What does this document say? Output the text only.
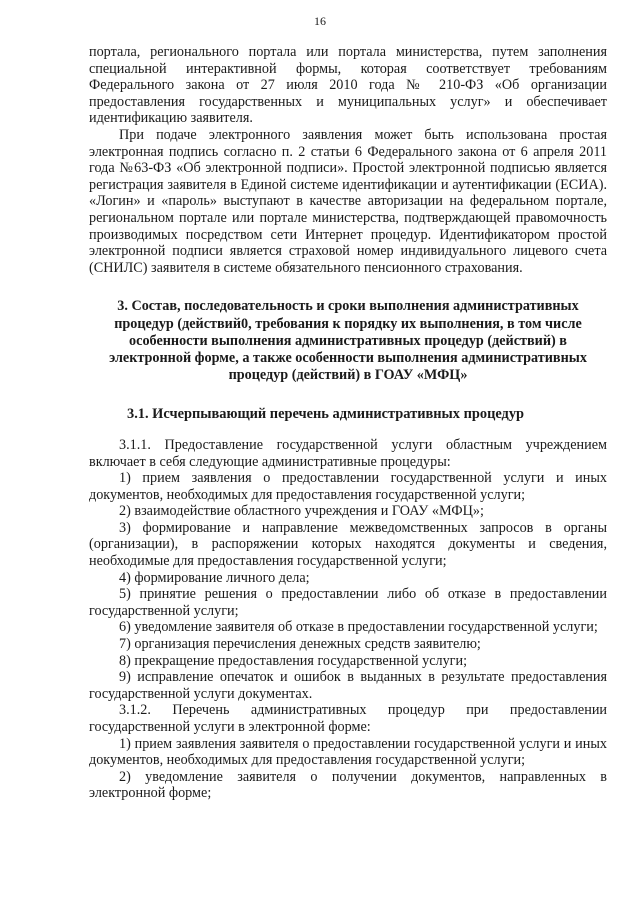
16

портала, регионального портала или портала министерства, путем заполнения специальной интерактивной формы, которая соответствует требованиям Федерального закона от 27 июля 2010 года № 210-ФЗ «Об организации предоставления государственных и муниципальных услуг» и обеспечивает идентификацию заявителя.

При подаче электронного заявления может быть использована простая электронная подпись согласно п. 2 статьи 6 Федерального закона от 6 апреля 2011 года №63-ФЗ «Об электронной подписи». Простой электронной подписью является регистрация заявителя в Единой системе идентификации и аутентификации (ЕСИА). «Логин» и «пароль» выступают в качестве авторизации на федеральном портале, региональном портале или портале министерства, подтверждающей правомочность производимых посредством сети Интернет процедур. Идентификатором простой электронной подписи является страховой номер индивидуального лицевого счета (СНИЛС) заявителя в системе обязательного пенсионного страхования.

3. Состав, последовательность и сроки выполнения административных процедур (действий0, требования к порядку их выполнения, в том числе особенности выполнения административных процедур (действий) в электронной форме, а также особенности выполнения административных процедур (действий) в ГОАУ «МФЦ»

3.1. Исчерпывающий перечень административных процедур

3.1.1. Предоставление государственной услуги областным учреждением включает в себя следующие административные процедуры:

1) прием заявления о предоставлении государственной услуги и иных документов, необходимых для предоставления государственной услуги;

2) взаимодействие областного учреждения и ГОАУ «МФЦ»;

3) формирование и направление межведомственных запросов в органы (организации), в распоряжении которых находятся документы и сведения, необходимые для предоставления государственной услуги;

4) формирование личного дела;

5) принятие решения о предоставлении либо об отказе в предоставлении государственной услуги;

6) уведомление заявителя об отказе в предоставлении государственной услуги;

7) организация перечисления денежных средств заявителю;

8) прекращение предоставления государственной услуги;

9) исправление опечаток и ошибок в выданных в результате предоставления государственной услуги документах.

3.1.2. Перечень административных процедур при предоставлении государственной услуги в электронной форме:

1) прием заявления заявителя о предоставлении государственной услуги и иных документов, необходимых для предоставления государственной услуги;

2) уведомление заявителя о получении документов, направленных в электронной форме;
